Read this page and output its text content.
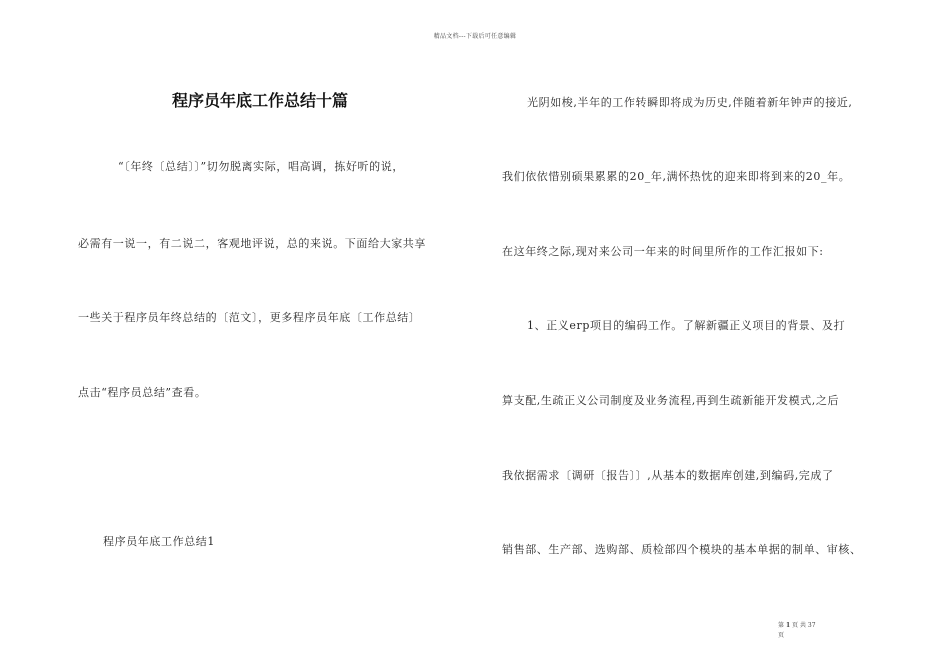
精品文档---下载后可任意编辑
程序员年底工作总结十篇
“〔年终〔总结〕〕”切勿脱离实际，唱高调，拣好听的说，
必需有一说一，有二说二，客观地评说，总的来说。下面给大家共享
一些关于程序员年终总结的〔范文〕，更多程序员年底〔工作总结〕
点击“程序员总结”查看。
程序员年底工作总结1
光阴如梭,半年的工作转瞬即将成为历史,伴随着新年钟声的接近,
我们依依惜别硕果累累的20_年,满怀热忱的迎来即将到来的20_年。
在这年终之际,现对来公司一年来的时间里所作的工作汇报如下:
1、正义erp项目的编码工作。了解新疆正义项目的背景、及打
算支配,生疏正义公司制度及业务流程,再到生疏新能开发模式,之后
我依据需求〔调研〔报告〕〕,从基本的数据库创建,到编码,完成了
销售部、生产部、选购部、质检部四个模块的基本单据的制单、审核、
第 1 页 共 37
页
